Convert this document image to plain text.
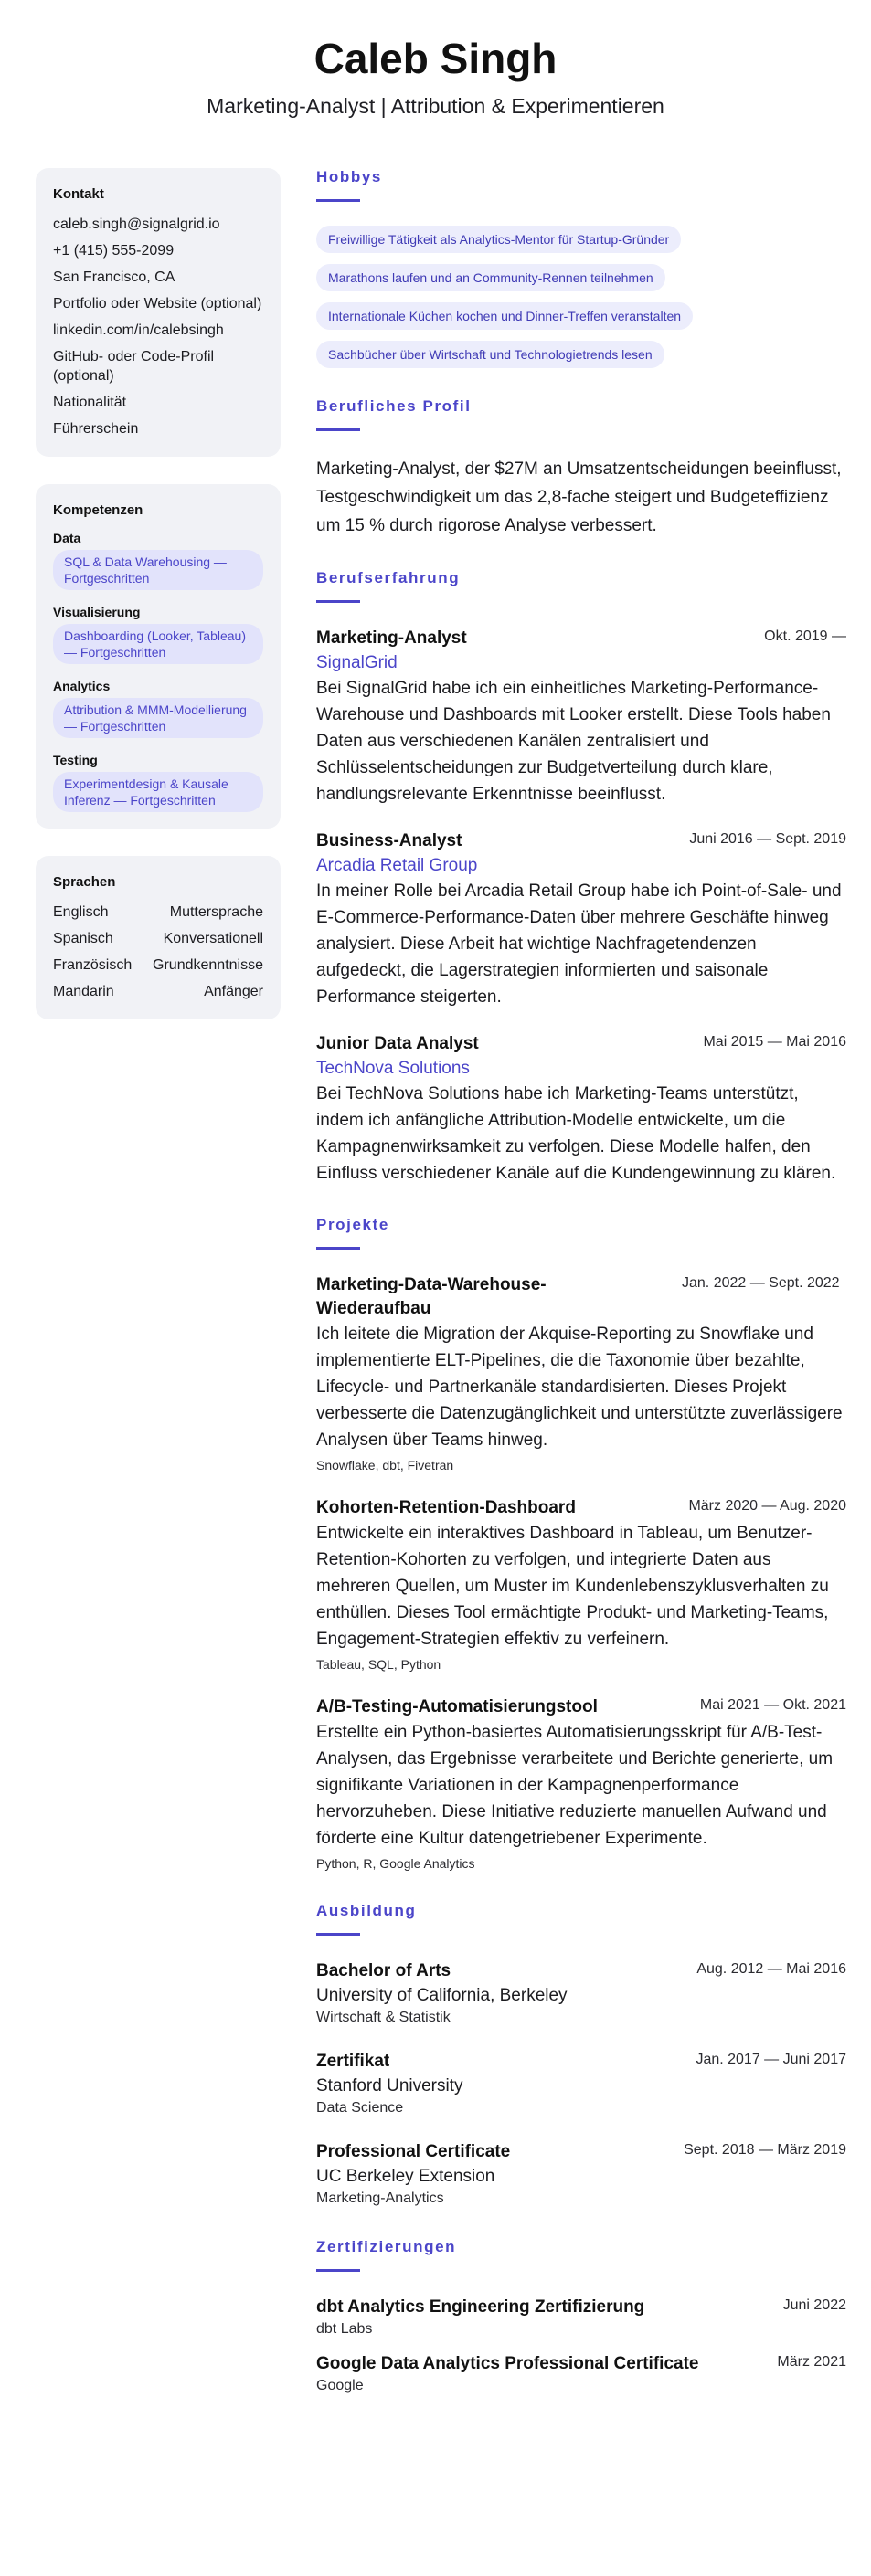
Caleb Singh
Marketing-Analyst | Attribution & Experimentieren
Kontakt
caleb.singh@signalgrid.io
+1 (415) 555-2099
San Francisco, CA
Portfolio oder Website (optional)
linkedin.com/in/calebsingh
GitHub- oder Code-Profil (optional)
Nationalität
Führerschein
Kompetenzen
Data
SQL & Data Warehousing — Fortgeschritten
Visualisierung
Dashboarding (Looker, Tableau) — Fortgeschritten
Analytics
Attribution & MMM-Modellierung — Fortgeschritten
Testing
Experimentdesign & Kausale Inferenz — Fortgeschritten
Sprachen
Englisch	Muttersprache
Spanisch	Konversationell
Französisch Grundkenntnisse
Mandarin	Anfänger
Hobbys
Freiwillige Tätigkeit als Analytics-Mentor für Startup-Gründer
Marathons laufen und an Community-Rennen teilnehmen
Internationale Küchen kochen und Dinner-Treffen veranstalten
Sachbücher über Wirtschaft und Technologietrends lesen
Berufliches Profil
Marketing-Analyst, der $27M an Umsatzentscheidungen beeinflusst, Testgeschwindigkeit um das 2,8-fache steigert und Budgeteffizienz um 15 % durch rigorose Analyse verbessert.
Berufserfahrung
Marketing-Analyst	Okt. 2019 —
SignalGrid
Bei SignalGrid habe ich ein einheitliches Marketing-Performance-Warehouse und Dashboards mit Looker erstellt. Diese Tools haben Daten aus verschiedenen Kanälen zentralisiert und Schlüsselentscheidungen zur Budgetverteilung durch klare, handlungsrelevante Erkenntnisse beeinflusst.
Business-Analyst	Juni 2016 — Sept. 2019
Arcadia Retail Group
In meiner Rolle bei Arcadia Retail Group habe ich Point-of-Sale- und E-Commerce-Performance-Daten über mehrere Geschäfte hinweg analysiert. Diese Arbeit hat wichtige Nachfragetendenzen aufgedeckt, die Lagerstrategien informierten und saisonale Performance steigerten.
Junior Data Analyst	Mai 2015 — Mai 2016
TechNova Solutions
Bei TechNova Solutions habe ich Marketing-Teams unterstützt, indem ich anfängliche Attribution-Modelle entwickelte, um die Kampagnenwirksamkeit zu verfolgen. Diese Modelle halfen, den Einfluss verschiedener Kanäle auf die Kundengewinnung zu klären.
Projekte
Marketing-Data-Warehouse-Wiederaufbau
Jan. 2022 — Sept. 2022
Ich leitete die Migration der Akquise-Reporting zu Snowflake und implementierte ELT-Pipelines, die die Taxonomie über bezahlte, Lifecycle- und Partnerkanäle standardisierten. Dieses Projekt verbesserte die Datenzugänglichkeit und unterstützte zuverlässigere Analysen über Teams hinweg.
Snowflake, dbt, Fivetran
Kohorten-Retention-Dashboard	März 2020 — Aug. 2020
Entwickelte ein interaktives Dashboard in Tableau, um Benutzer-Retention-Kohorten zu verfolgen, und integrierte Daten aus mehreren Quellen, um Muster im Kundenlebenszyklusverhalten zu enthüllen. Dieses Tool ermächtigte Produkt- und Marketing-Teams, Engagement-Strategien effektiv zu verfeinern.
Tableau, SQL, Python
A/B-Testing-Automatisierungstool	Mai 2021 — Okt. 2021
Erstellte ein Python-basiertes Automatisierungsskript für A/B-Test-Analysen, das Ergebnisse verarbeitete und Berichte generierte, um signifikante Variationen in der Kampagnenperformance hervorzuheben. Diese Initiative reduzierte manuellen Aufwand und förderte eine Kultur datengetriebener Experimente.
Python, R, Google Analytics
Ausbildung
Bachelor of Arts	Aug. 2012 — Mai 2016
University of California, Berkeley
Wirtschaft & Statistik
Zertifikat	Jan. 2017 — Juni 2017
Stanford University
Data Science
Professional Certificate	Sept. 2018 — März 2019
UC Berkeley Extension
Marketing-Analytics
Zertifizierungen
dbt Analytics Engineering Zertifizierung	Juni 2022
dbt Labs
Google Data Analytics Professional Certificate	März 2021
Google
